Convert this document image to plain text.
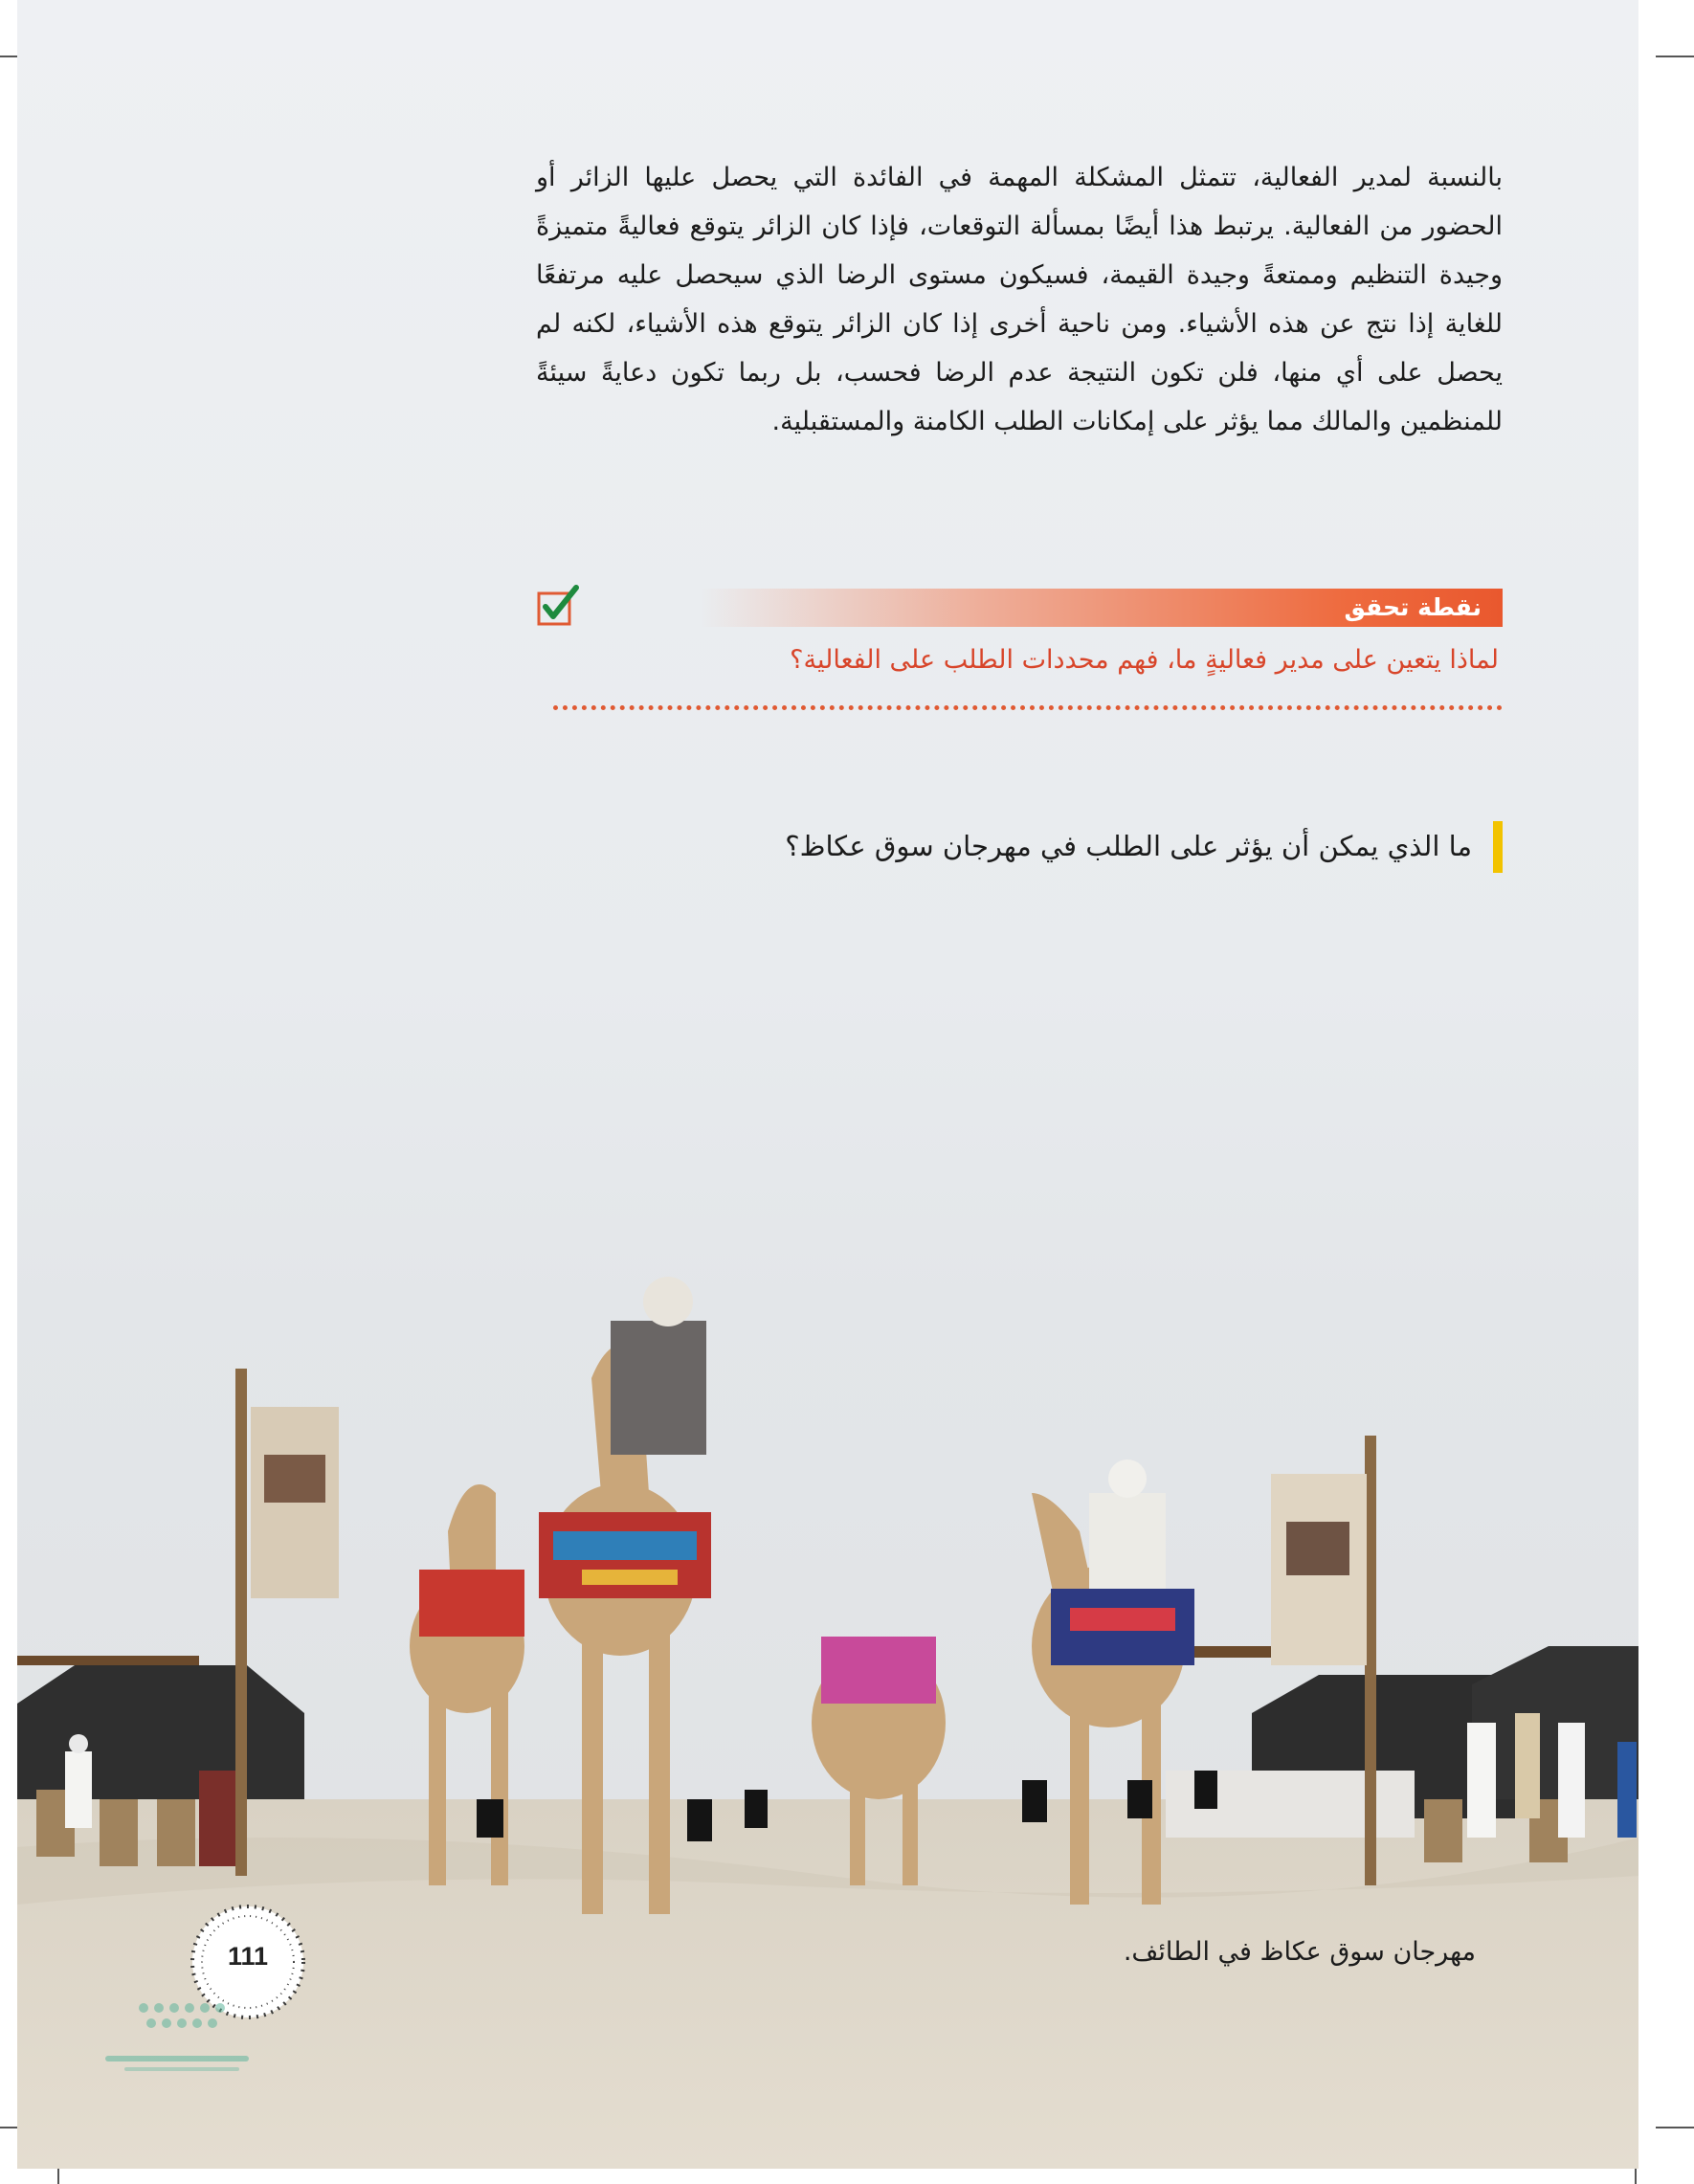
بالنسبة لمدير الفعالية، تتمثل المشكلة المهمة في الفائدة التي يحصل عليها الزائر أو الحضور من الفعالية. يرتبط هذا أيضًا بمسألة التوقعات، فإذا كان الزائر يتوقع فعاليةً متميزةً وجيدة التنظيم وممتعةً وجيدة القيمة، فسيكون مستوى الرضا الذي سيحصل عليه مرتفعًا للغاية إذا نتج عن هذه الأشياء. ومن ناحية أخرى إذا كان الزائر يتوقع هذه الأشياء، لكنه لم يحصل على أي منها، فلن تكون النتيجة عدم الرضا فحسب، بل ربما تكون دعايةً سيئةً للمنظمين والمالك مما يؤثر على إمكانات الطلب الكامنة والمستقبلية.
نقطة تحقق
لماذا يتعين على مدير فعاليةٍ ما، فهم محددات الطلب على الفعالية؟
ما الذي يمكن أن يؤثر على الطلب في مهرجان سوق عكاظ؟
مهرجان سوق عكاظ في الطائف.
111
